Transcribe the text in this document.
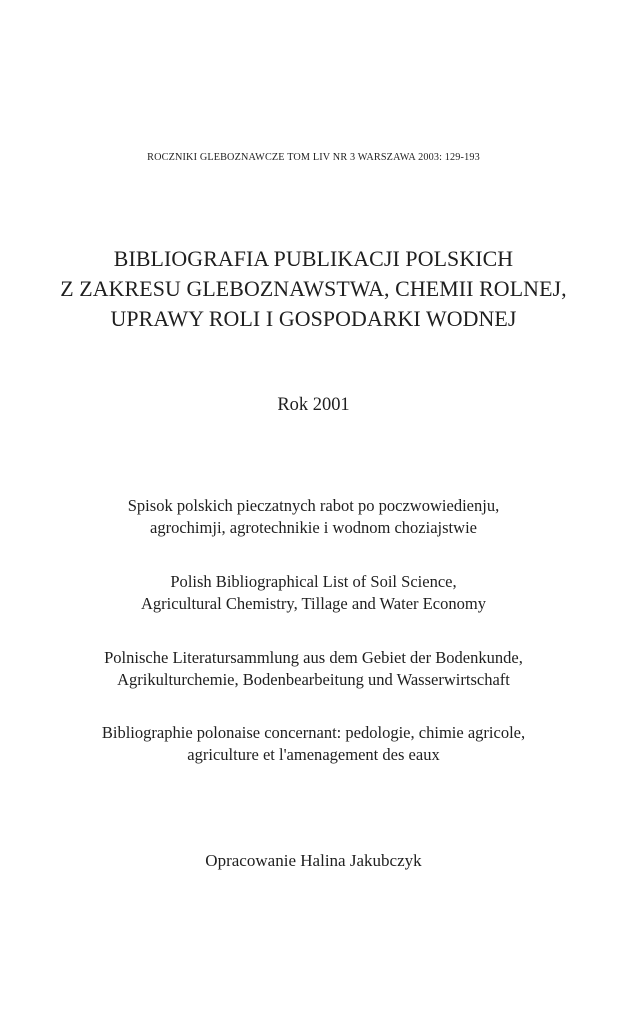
ROCZNIKI GLEBOZNAWCZE TOM LIV NR 3 WARSZAWA 2003: 129-193

BIBLIOGRAFIA PUBLIKACJI POLSKICH
Z ZAKRESU GLEBOZNAWSTWA, CHEMII ROLNEJ,
UPRAWY ROLI I GOSPODARKI WODNEJ

Rok 2001

Spisok polskich pieczatnych rabot po poczwowiedienju,
agrochimji, agrotechnikie i wodnom choziajstwie

Polish Bibliographical List of Soil Science,
Agricultural Chemistry, Tillage and Water Economy

Polnische Literatursammlung aus dem Gebiet der Bodenkunde,
Agrikulturchemie, Bodenbearbeitung und Wasserwirtschaft

Bibliographie polonaise concernant: pedologie, chimie agricole,
agriculture et l'amenagement des eaux

Opracowanie Halina Jakubczyk
